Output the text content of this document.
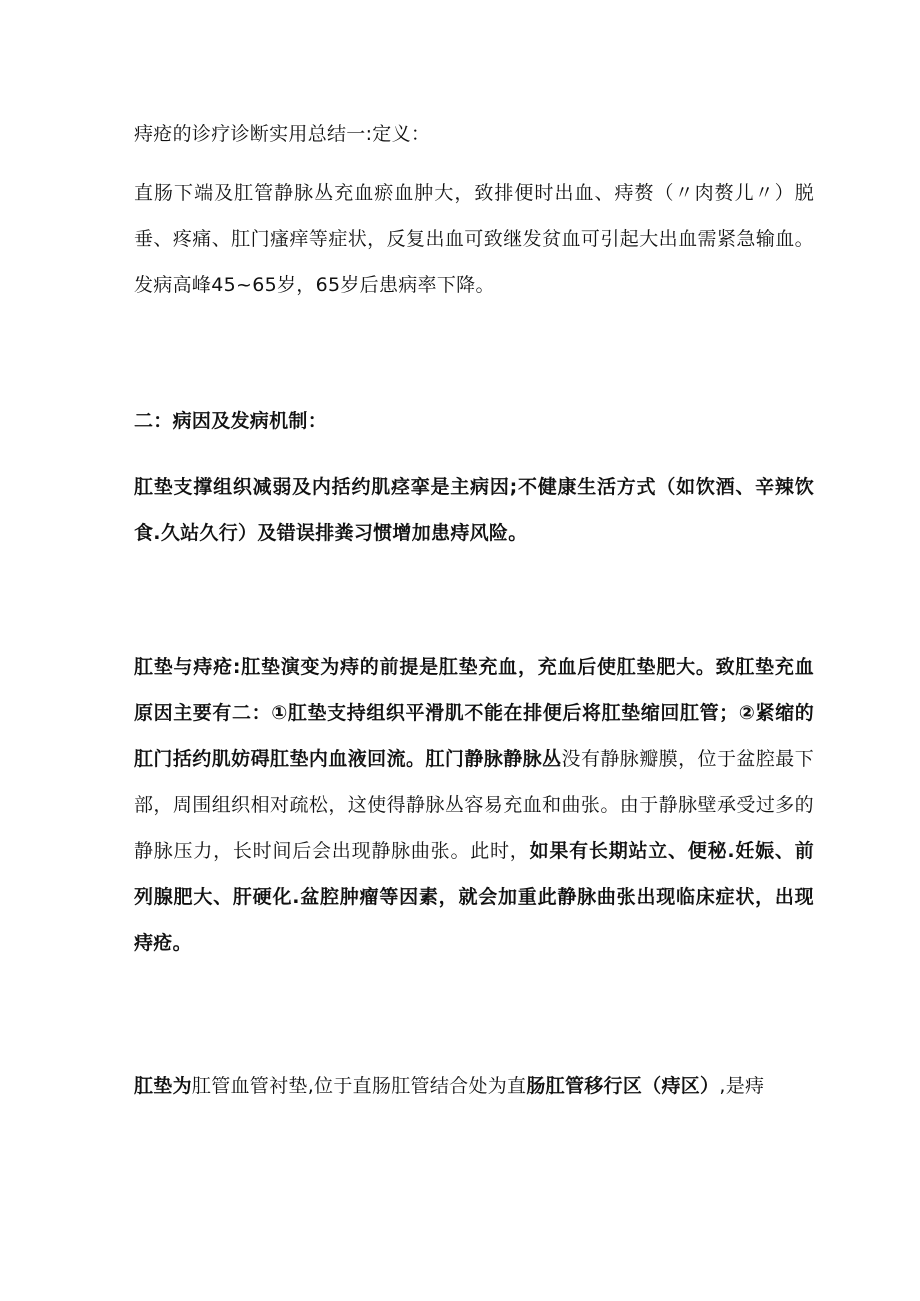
痔疮的诊疗诊断实用总结一:定义：

直肠下端及肛管静脉丛充血瘀血肿大，致排便时出血、痔赘（〃肉赘儿〃）脱垂、疼痛、肛门瘙痒等症状，反复出血可致继发贫血可引起大出血需紧急输血。发病高峰45~65岁，65岁后患病率下降。

二：病因及发病机制：

肛垫支撑组织减弱及内括约肌痉挛是主病因;不健康生活方式（如饮酒、辛辣饮食.久站久行）及错误排粪习惯增加患痔风险。

肛垫与痔疮:肛垫演变为痔的前提是肛垫充血，充血后使肛垫肥大。致肛垫充血原因主要有二：①肛垫支持组织平滑肌不能在排便后将肛垫缩回肛管；②紧缩的肛门括约肌妨碍肛垫内血液回流。肛门静脉静脉丛没有静脉瓣膜，位于盆腔最下部，周围组织相对疏松，这使得静脉丛容易充血和曲张。由于静脉壁承受过多的静脉压力，长时间后会出现静脉曲张。此时，如果有长期站立、便秘.妊娠、前列腺肥大、肝硬化.盆腔肿瘤等因素，就会加重此静脉曲张出现临床症状，出现痔疮。

肛垫为肛管血管衬垫,位于直肠肛管结合处为直肠肛管移行区（痔区）,是痔
